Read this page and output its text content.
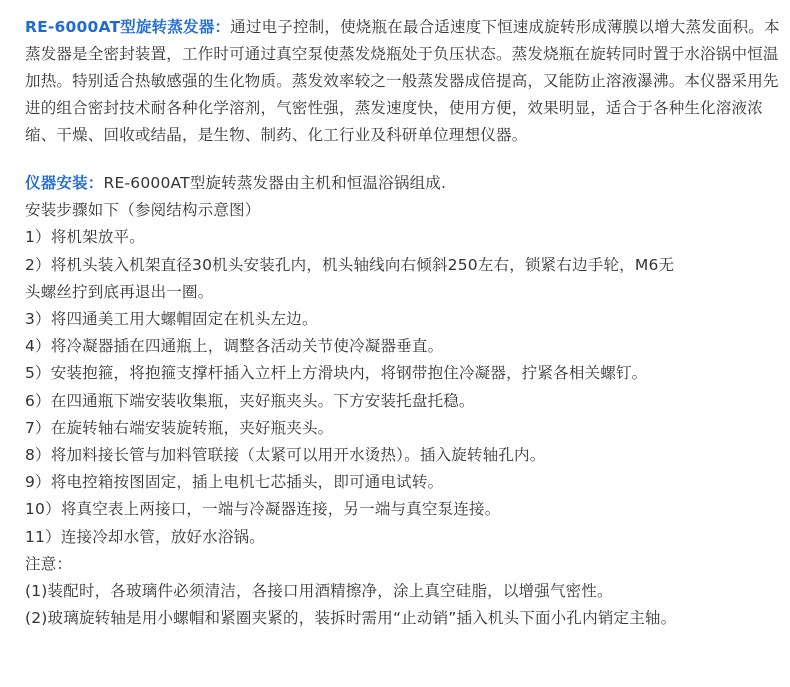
RE-6000AT型旋转蒸发器：通过电子控制，使烧瓶在最合适速度下恒速成旋转形成薄膜以增大蒸发面积。本蒸发器是全密封装置，工作时可通过真空泵使蒸发烧瓶处于负压状态。蒸发烧瓶在旋转同时置于水浴锅中恒温加热。特别适合热敏感强的生化物质。蒸发效率较之一般蒸发器成倍提高，又能防止溶液瀑沸。本仪器采用先进的组合密封技术耐各种化学溶剂，气密性强，蒸发速度快，使用方便，效果明显，适合于各种生化溶液浓缩、干燥、回收或结晶，是生物、制药、化工行业及科研单位理想仪器。

仪器安装：RE-6000AT型旋转蒸发器由主机和恒温浴锅组成.
安装步骤如下（参阅结构示意图）
1）将机架放平。
2）将机头装入机架直径30机头安装孔内，机头轴线向右倾斜250左右，锁紧右边手轮，M6无
头螺丝拧到底再退出一圈。
3）将四通美工用大螺帽固定在机头左边。
4）将冷凝器插在四通瓶上，调整各活动关节使冷凝器垂直。
5）安装抱箍，将抱箍支撑杆插入立杆上方滑块内，将钢带抱住冷凝器，拧紧各相关螺钉。
6）在四通瓶下端安装收集瓶，夹好瓶夹头。下方安装托盘托稳。
7）在旋转轴右端安装旋转瓶，夹好瓶夹头。
8）将加料接长管与加料管联接（太紧可以用开水烫热）。插入旋转轴孔内。
9）将电控箱按图固定，插上电机七芯插头，即可通电试转。
10）将真空表上两接口，一端与冷凝器连接，另一端与真空泵连接。
11）连接冷却水管，放好水浴锅。
注意：
(1)装配时，各玻璃件必须清洁，各接口用酒精擦净，涂上真空硅脂，以增强气密性。
(2)玻璃旋转轴是用小螺帽和紧圈夹紧的，装拆时需用“止动销”插入机头下面小孔内销定主轴。
